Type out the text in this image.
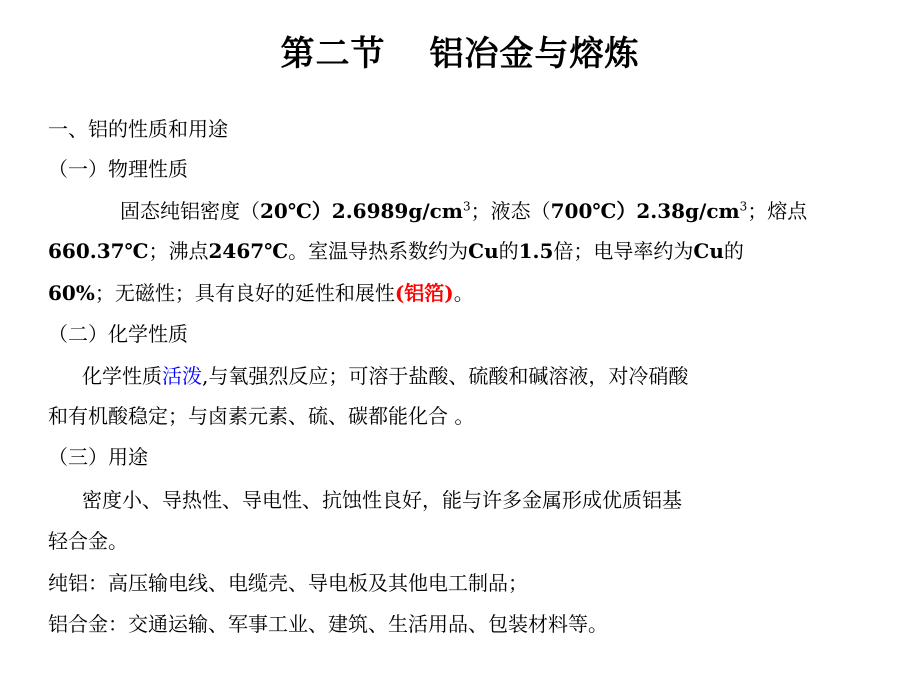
第二节 铝冶金与熔炼
一、铝的性质和用途
（一）物理性质
固态纯铝密度$(20℃)2.6989g/cm^3$；液态$(700℃)2.38g/cm^3$；熔点
660.37℃；沸点2467℃。室温导热系数约为Cu的1.5倍；电导率约为Cu的
60%；无磁性；具有良好的延性和展性(铝箔)。
（二）化学性质
化学性质活泼,与氧强烈反应；可溶于盐酸、硫酸和碱溶液，对冷硝酸
和有机酸稳定；与卤素元素、硫、碳都能化合 。
（三）用途
密度小、导热性、导电性、抗蚀性良好，能与许多金属形成优质铝基
轻合金。
纯铝：高压输电线、电缆壳、导电板及其他电工制品；
铝合金：交通运输、军事工业、建筑、生活用品、包装材料等。
